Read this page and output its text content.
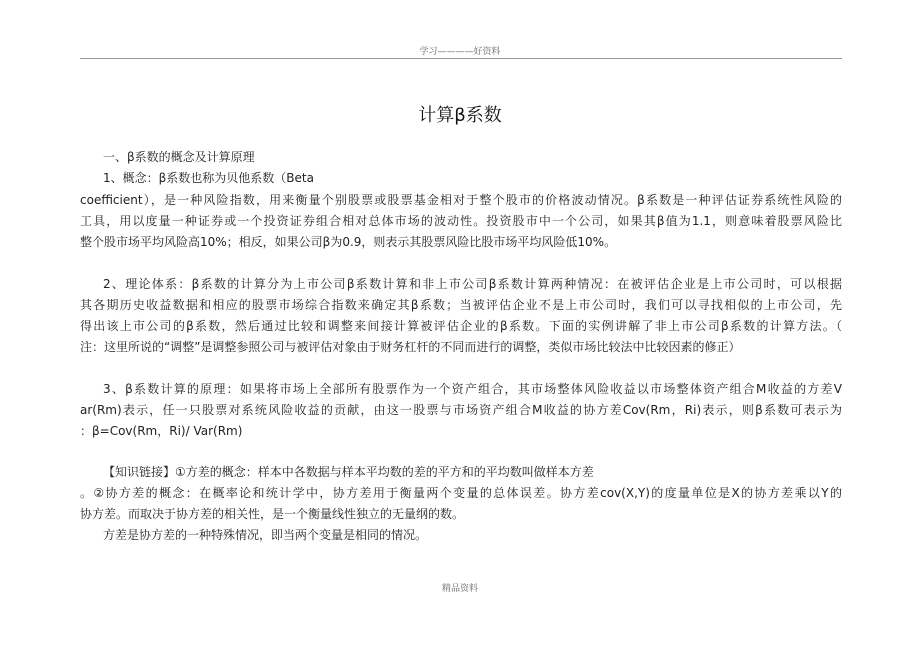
学习————好资料
计算β系数
一、β系数的概念及计算原理
1、概念：β系数也称为贝他系数（Beta
coefficient），是一种风险指数，用来衡量个别股票或股票基金相对于整个股市的价格波动情况。β系数是一种评估证券系统性风险的
工具，用以度量一种证券或一个投资证券组合相对总体市场的波动性。投资股市中一个公司，如果其β值为1.1，则意味着股票风险比
整个股市场平均风险高10%；相反，如果公司β为0.9，则表示其股票风险比股市场平均风险低10%。
2、理论体系：β系数的计算分为上市公司β系数计算和非上市公司β系数计算两种情况：在被评估企业是上市公司时，可以根据
其各期历史收益数据和相应的股票市场综合指数来确定其β系数；当被评估企业不是上市公司时，我们可以寻找相似的上市公司，先
得出该上市公司的β系数，然后通过比较和调整来间接计算被评估企业的β系数。下面的实例讲解了非上市公司β系数的计算方法。（
注：这里所说的“调整”是调整参照公司与被评估对象由于财务杠杆的不同而进行的调整，类似市场比较法中比较因素的修正）
3、β系数计算的原理：如果将市场上全部所有股票作为一个资产组合，其市场整体风险收益以市场整体资产组合M收益的方差V
ar(Rm)表示，任一只股票对系统风险收益的贡献，由这一股票与市场资产组合M收益的协方差Cov(Rm，Ri)表示，则β系数可表示为
：β=Cov(Rm，Ri)/ Var(Rm)
【知识链接】①方差的概念：样本中各数据与样本平均数的差的平方和的平均数叫做样本方差
。②协方差的概念：在概率论和统计学中，协方差用于衡量两个变量的总体误差。协方差cov(X,Y)的度量单位是X的协方差乘以Y的
协方差。而取决于协方差的相关性，是一个衡量线性独立的无量纲的数。
方差是协方差的一种特殊情况，即当两个变量是相同的情况。
精品资料
